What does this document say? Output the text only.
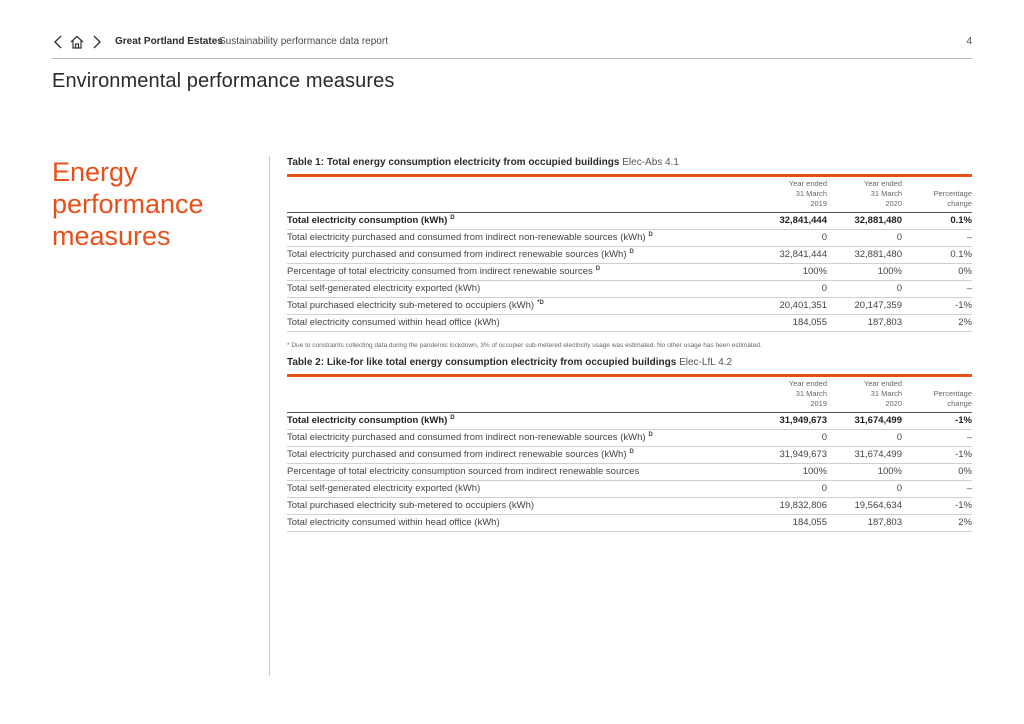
Great Portland Estates
Sustainability performance data report	4
Environmental performance measures
Energy performance measures
Table 1: Total energy consumption electricity from occupied buildings Elec-Abs 4.1
	Year ended
31 March
2019	Year ended
31 March
2020	Percentage
change
Total electricity consumption (kWh) $^D$	32,841,444	32,881,480	0.1%
Total electricity purchased and consumed from indirect non-renewable sources (kWh) $^D$	0	0	–
Total electricity purchased and consumed from indirect renewable sources (kWh) $^D$	32,841,444	32,881,480	0.1%
Percentage of total electricity consumed from indirect renewable sources $^D$	100%	100%	0%
Total self-generated electricity exported (kWh)	0	0	–
Total purchased electricity sub-metered to occupiers (kWh) $^{*D}$	20,401,351	20,147,359	-1%
Total electricity consumed within head office (kWh)	184,055	187,803	2%
* Due to constraints collecting data during the pandemic lockdown, 3% of occupier sub-metered electricity usage was estimated. No other usage has been estimated.
Table 2: Like-for like total energy consumption electricity from occupied buildings Elec-LfL 4.2
	Year ended
31 March
2019	Year ended
31 March
2020	Percentage
change
Total electricity consumption (kWh) $^D$	31,949,673	31,674,499	-1%
Total electricity purchased and consumed from indirect non-renewable sources (kWh) $^D$	0	0	–
Total electricity purchased and consumed from indirect renewable sources (kWh) $^D$	31,949,673	31,674,499	-1%
Percentage of total electricity consumption sourced from indirect renewable sources	100%	100%	0%
Total self-generated electricity exported (kWh)	0	0	–
Total purchased electricity sub-metered to occupiers (kWh)	19,832,806	19,564,634	-1%
Total electricity consumed within head office (kWh)	184,055	187,803	2%
